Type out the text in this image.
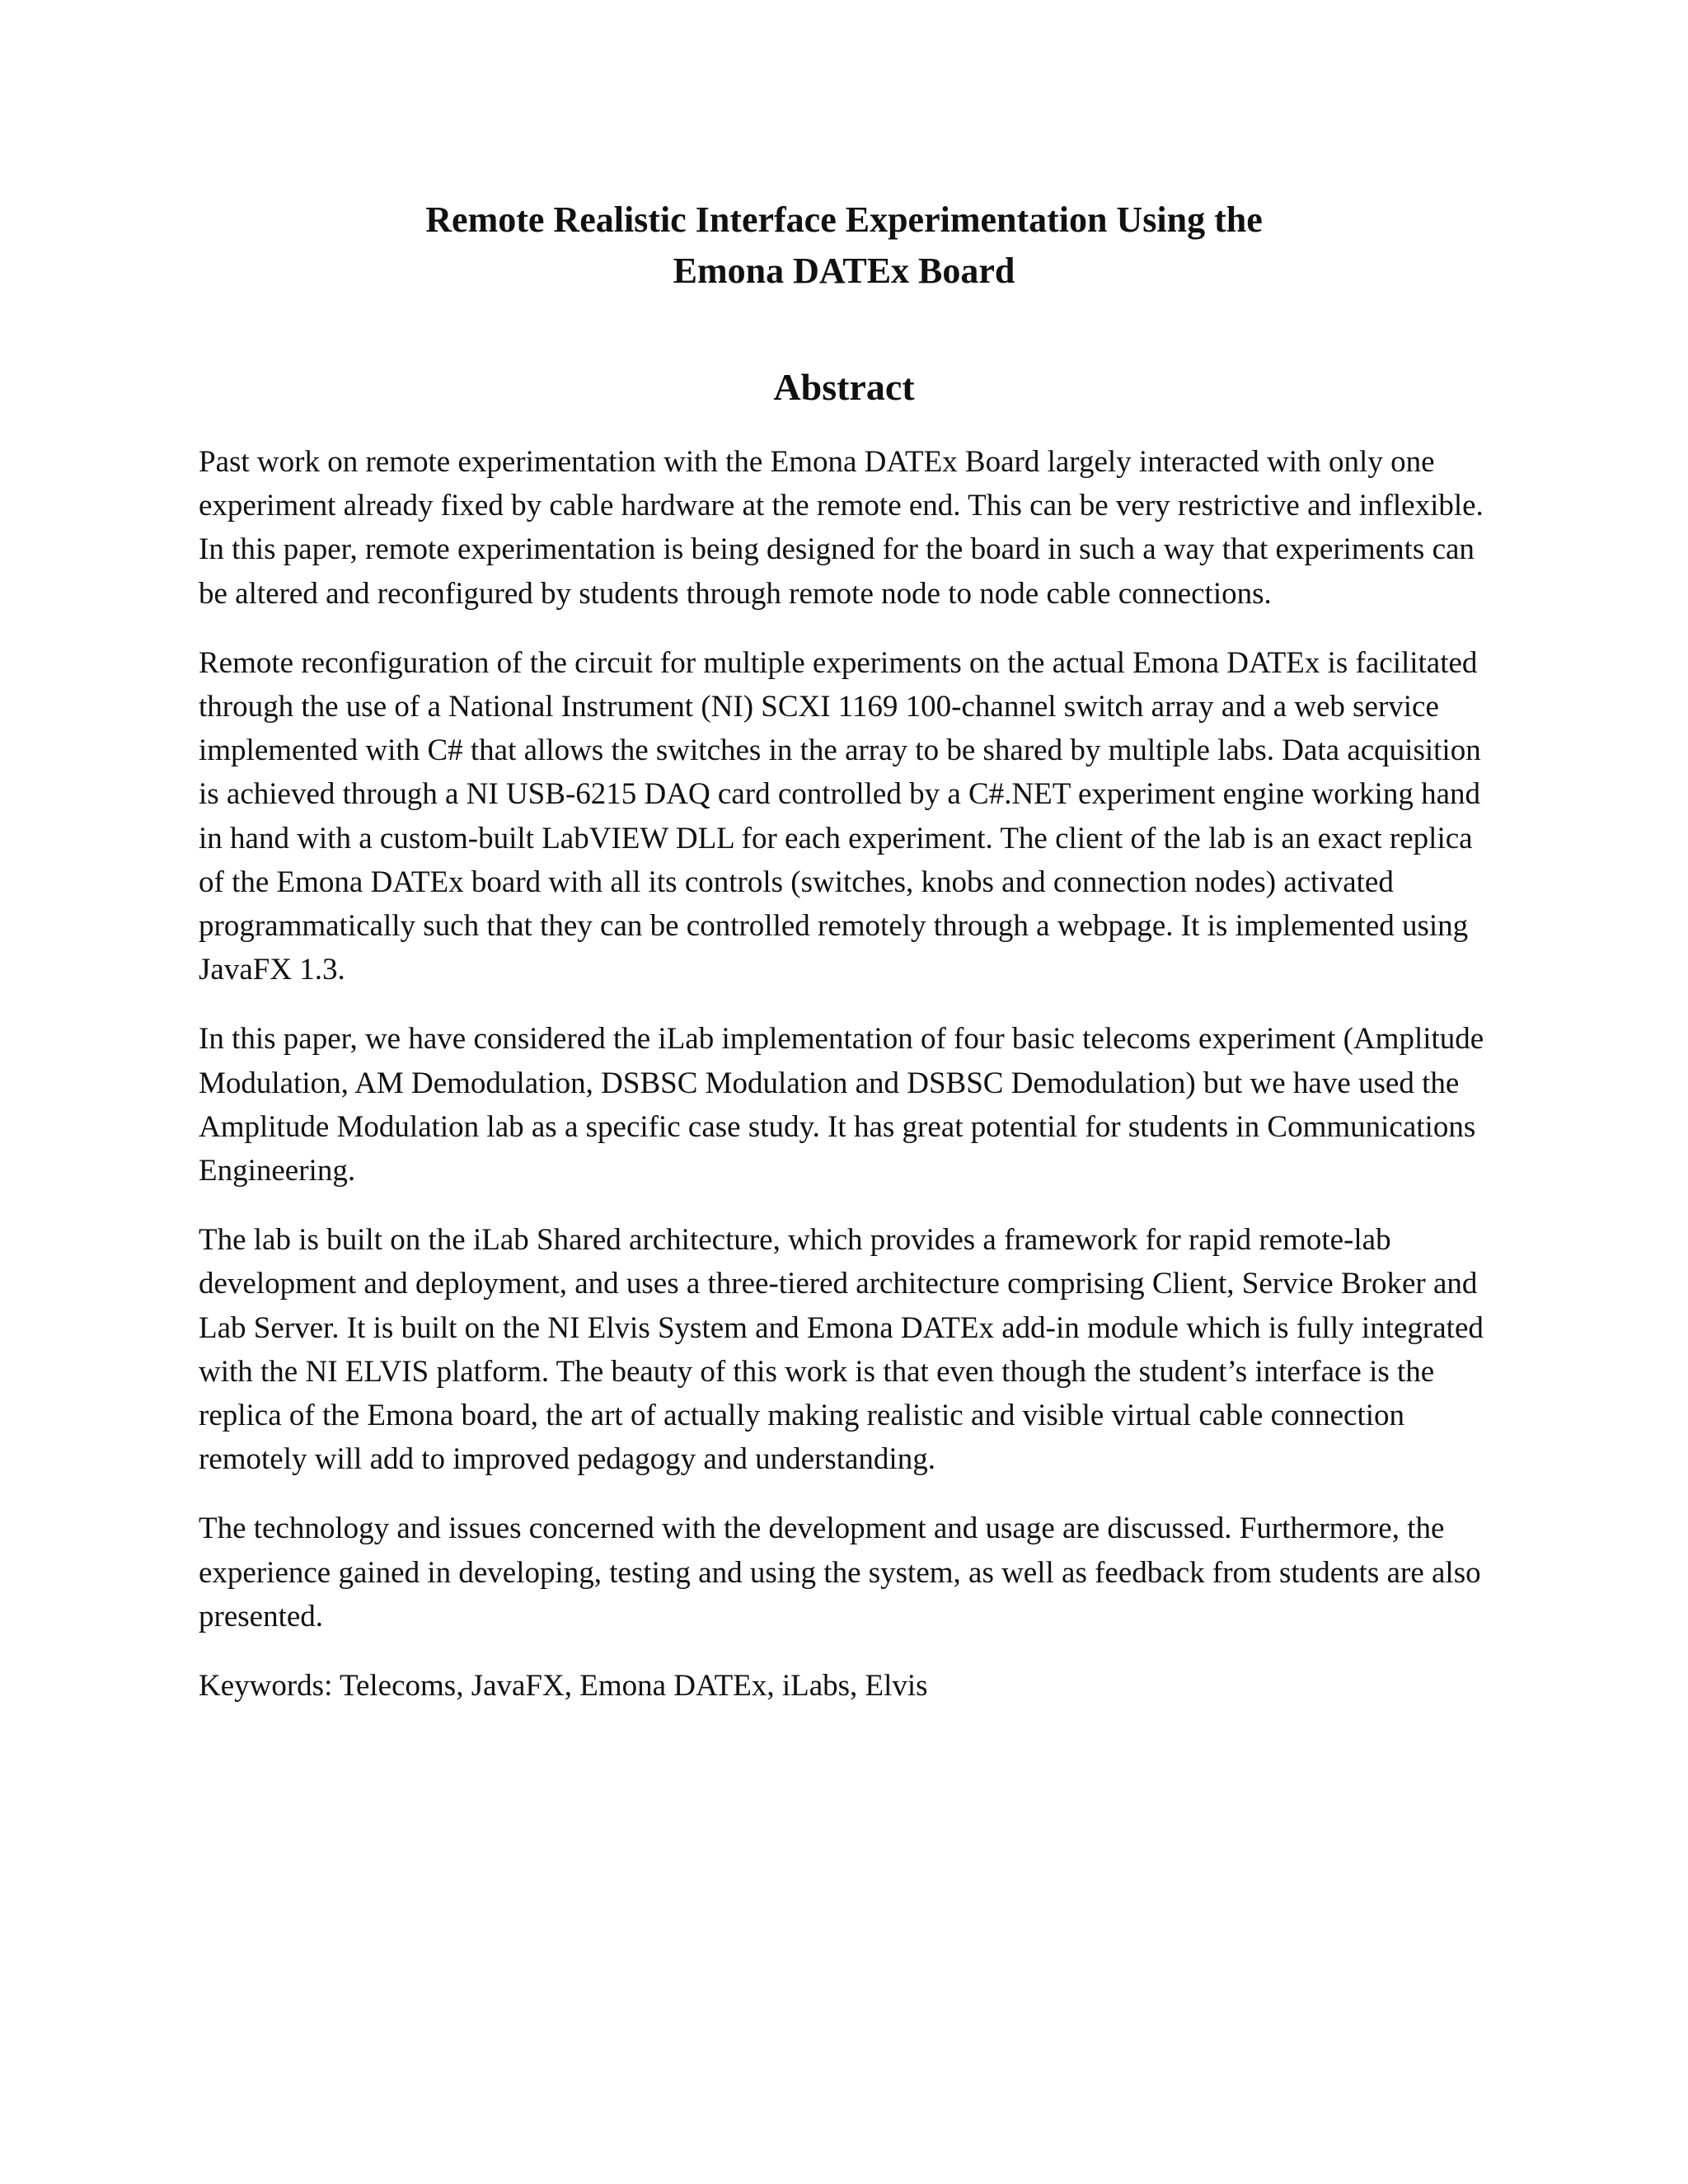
Remote Realistic Interface Experimentation Using the

Emona DATEx Board

Abstract

Past work on remote experimentation with the Emona DATEx Board largely interacted with only one experiment already fixed by cable hardware at the remote end. This can be very restrictive and inflexible. In this paper, remote experimentation is being designed for the board in such a way that experiments can be altered and reconfigured by students through remote node to node cable connections.

Remote reconfiguration of the circuit for multiple experiments on the actual Emona DATEx is facilitated through the use of a National Instrument (NI) SCXI 1169 100-channel switch array and a web service implemented with C# that allows the switches in the array to be shared by multiple labs. Data acquisition is achieved through a NI USB-6215 DAQ card controlled by a C#.NET experiment engine working hand in hand with a custom-built LabVIEW DLL for each experiment. The client of the lab is an exact replica of the Emona DATEx board with all its controls (switches, knobs and connection nodes) activated programmatically such that they can be controlled remotely through a webpage. It is implemented using JavaFX 1.3.

In this paper, we have considered the iLab implementation of four basic telecoms experiment (Amplitude Modulation, AM Demodulation, DSBSC Modulation and DSBSC Demodulation) but we have used the Amplitude Modulation lab as a specific case study. It has great potential for students in Communications Engineering.

The lab is built on the iLab Shared architecture, which provides a framework for rapid remote-lab development and deployment, and uses a three-tiered architecture comprising Client, Service Broker and Lab Server. It is built on the NI Elvis System and Emona DATEx add-in module which is fully integrated with the NI ELVIS platform. The beauty of this work is that even though the student’s interface is the replica of the Emona board, the art of actually making realistic and visible virtual cable connection remotely will add to improved pedagogy and understanding.

The technology and issues concerned with the development and usage are discussed. Furthermore, the experience gained in developing, testing and using the system, as well as feedback from students are also presented.

Keywords: Telecoms, JavaFX, Emona DATEx, iLabs, Elvis
